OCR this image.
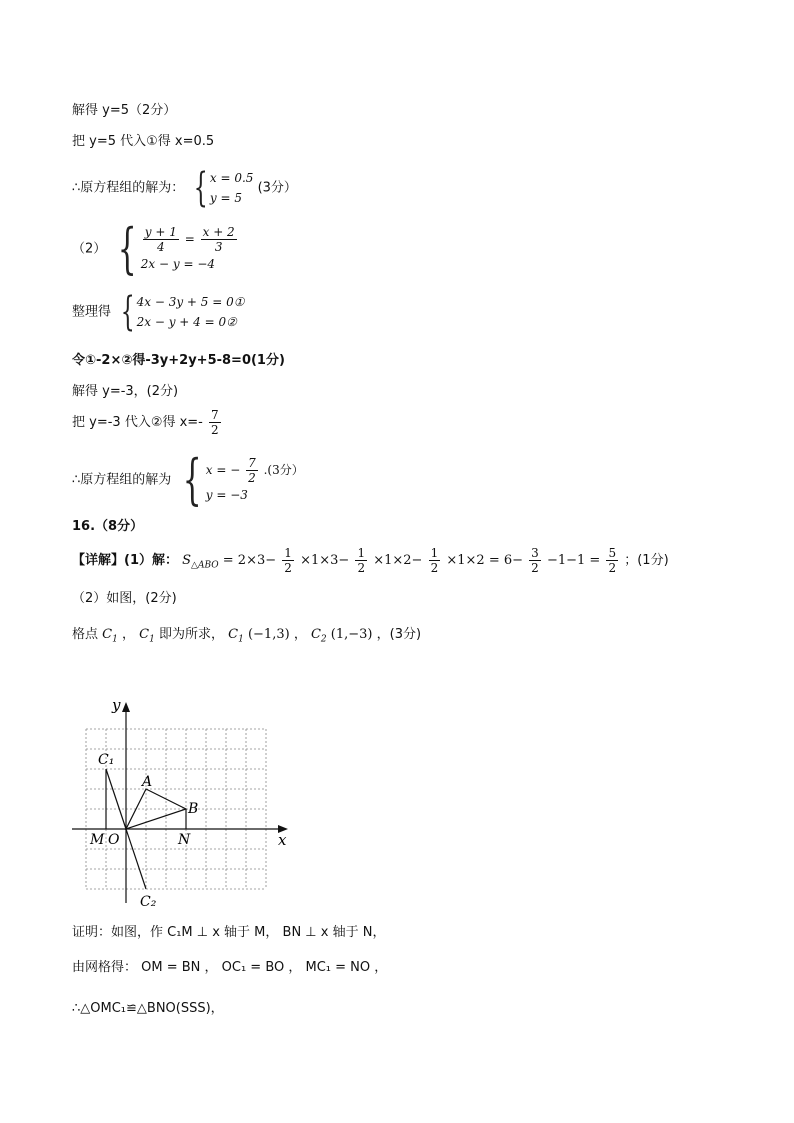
解得 y=5（2分）
把 y=5 代入①得 x=0.5
∴原方程组的解为： { x = 0.5
y = 5
(3分）
（2） { $\frac{y + 1}{4} = \frac{x + 2}{3}$
2x − y = −4
整理得 { 4x − 3y + 5 = 0①
2x − y + 4 = 0②
令①-2×②得-3y+2y+5-8=0(1分)
解得 y=-3，(2分)
把 y=-3 代入②得 $x=- \frac{7}{2}$
∴原方程组的解为 { x = − $\frac{7}{2} .(3$分）
y = −3
16.（8分）
【详解】(1）解： $S_{\triangle ABO} = 2\times 3- \frac{1}{2} \times 1\times 3- \frac{1}{2} \times 1\times 2- \frac{1}{2} \times 1\times 2 = 6- \frac{3}{2} -1-1 = \frac{5}{2}$ ；(1分)
（2）如图，(2分)
格点 $C_1$ ， $C_1$ 即为所求， $C_1$ (−1,3) ， $C_2$ (1,−3) ，(3分)
y
x
C₁
C₂
A
B
M O	N
证明：如图，作 C₁M ⊥ x 轴于 M， BN ⊥ x 轴于 N，
由网格得： OM = BN ， OC₁ = BO ， MC₁ = NO ，
∴△OMC₁≌△BNO(SSS)，
